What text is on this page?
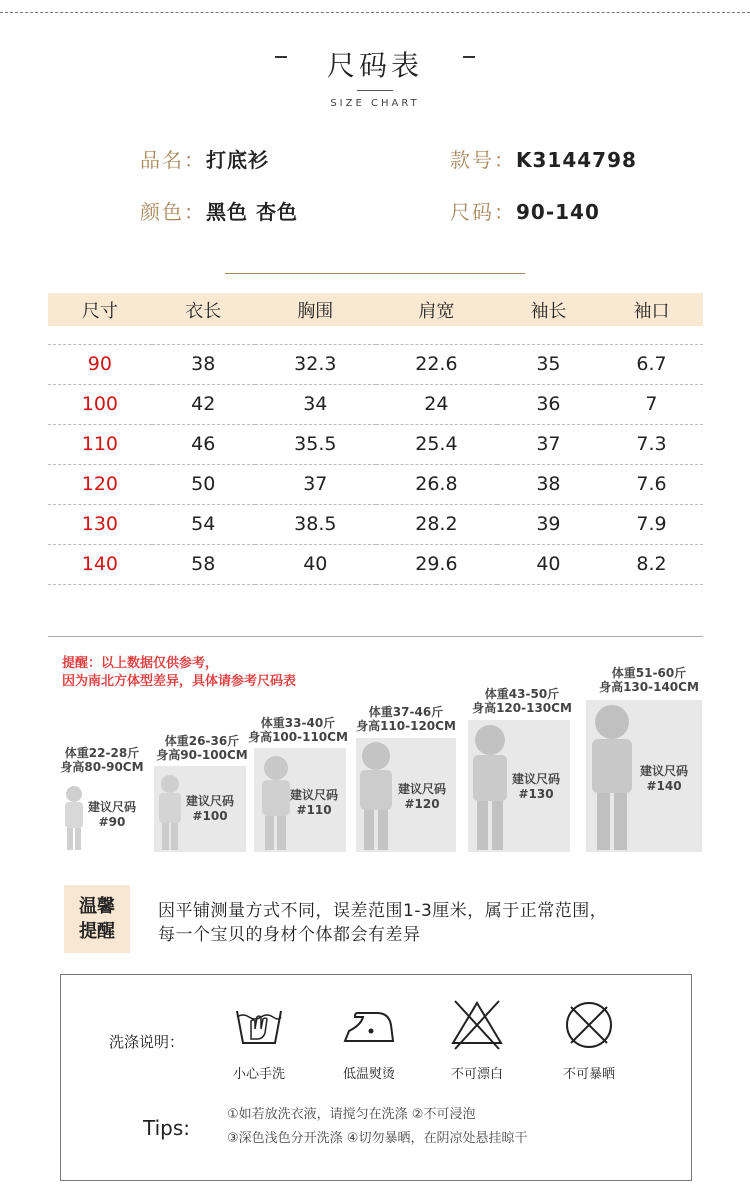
尺码表
SIZE CHART
品名：打底衫	款号：K3144798
颜色：黑色 杏色	尺码：90-140
尺寸	衣长	胸围	肩宽	袖长	袖口

90	38	32.3	22.6	35	6.7
100	42	34	24	36	7
110	46	35.5	25.4	37	7.3
120	50	37	26.8	38	7.6
130	54	38.5	28.2	39	7.9
140	58	40	29.6	40	8.2
提醒：以上数据仅供参考，
因为南北方体型差异，具体请参考尺码表
体重22-28斤
身高80-90CM
建议尺码
#90
体重26-36斤
身高90-100CM
建议尺码
#100
体重33-40斤
身高100-110CM
建议尺码
#110
体重37-46斤
身高110-120CM
建议尺码
#120
体重43-50斤
身高120-130CM
建议尺码
#130
体重51-60斤
身高130-140CM
建议尺码
#140
温馨
提醒
因平铺测量方式不同，误差范围1-3厘米，属于正常范围，
每一个宝贝的身材个体都会有差异
洗涤说明：
小心手洗	低温熨烫	不可漂白	不可暴晒
Tips:
①如若放洗衣液，请搅匀在洗涤 ②不可浸泡
③深色浅色分开洗涤 ④切勿暴晒，在阴凉处悬挂晾干
